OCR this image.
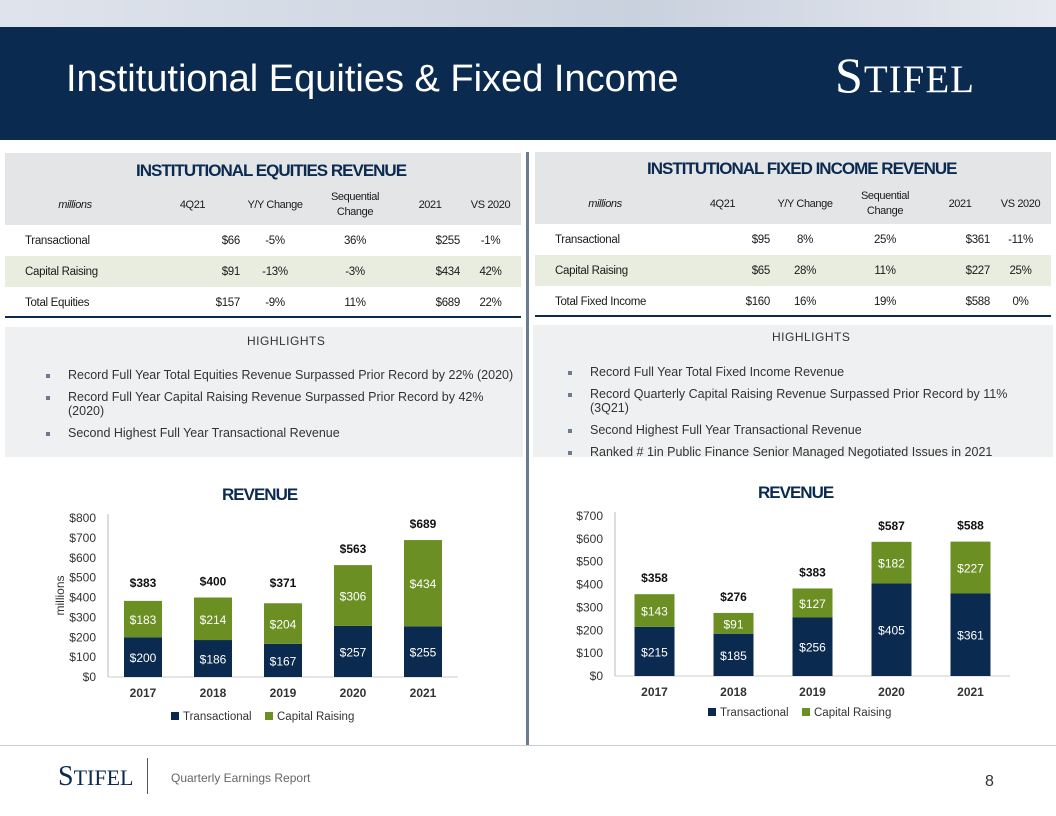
Institutional Equities & Fixed Income	STIFEL
INSTITUTIONAL EQUITIES REVENUE
millions	4Q21	Y/Y Change	Sequential Change	2021	VS 2020
Transactional	$66	-5%	36%	$255	-1%

Capital Raising	$91	-13%	-3%	$434	42%

Total Equities	$157	-9%	11%	$689	22%
INSTITUTIONAL FIXED INCOME REVENUE
millions	4Q21	Y/Y Change	Sequential Change	2021	VS 2020
Transactional	$95	8%	25%	$361	-11%

Capital Raising	$65	28%	11%	$227	25%

Total Fixed Income	$160	16%	19%	$588	0%
HIGHLIGHTS
Record Full Year Total Equities Revenue Surpassed Prior Record by 22% (2020)
Record Full Year Capital Raising Revenue Surpassed Prior Record by 42% (2020)
Second Highest Full Year Transactional Revenue
HIGHLIGHTS
Record Full Year Total Fixed Income Revenue
Record Quarterly Capital Raising Revenue Surpassed Prior Record by 11% (3Q21)
Second Highest Full Year Transactional Revenue
Ranked # 1in Public Finance Senior Managed Negotiated Issues in 2021
REVENUE	REVENUE
$0
$100
$200
$300
$400
$500
$600
$700
$800
millions
$200
$183
$383
2017
$186
$214
$400
2018
$167
$204
$371
2019
$257
$306
$563
2020
$255
$434
$689
2021
Transactional Capital Raising
$0
$100
$200
$300
$400
$500
$600
$700
$215
$143
$358
2017
$185
$91
$276
2018
$256
$127
$383
2019
$405
$182
$587
2020
$361
$227
$588
2021
Transactional Capital Raising
STIFEL	Quarterly Earnings Report	8
